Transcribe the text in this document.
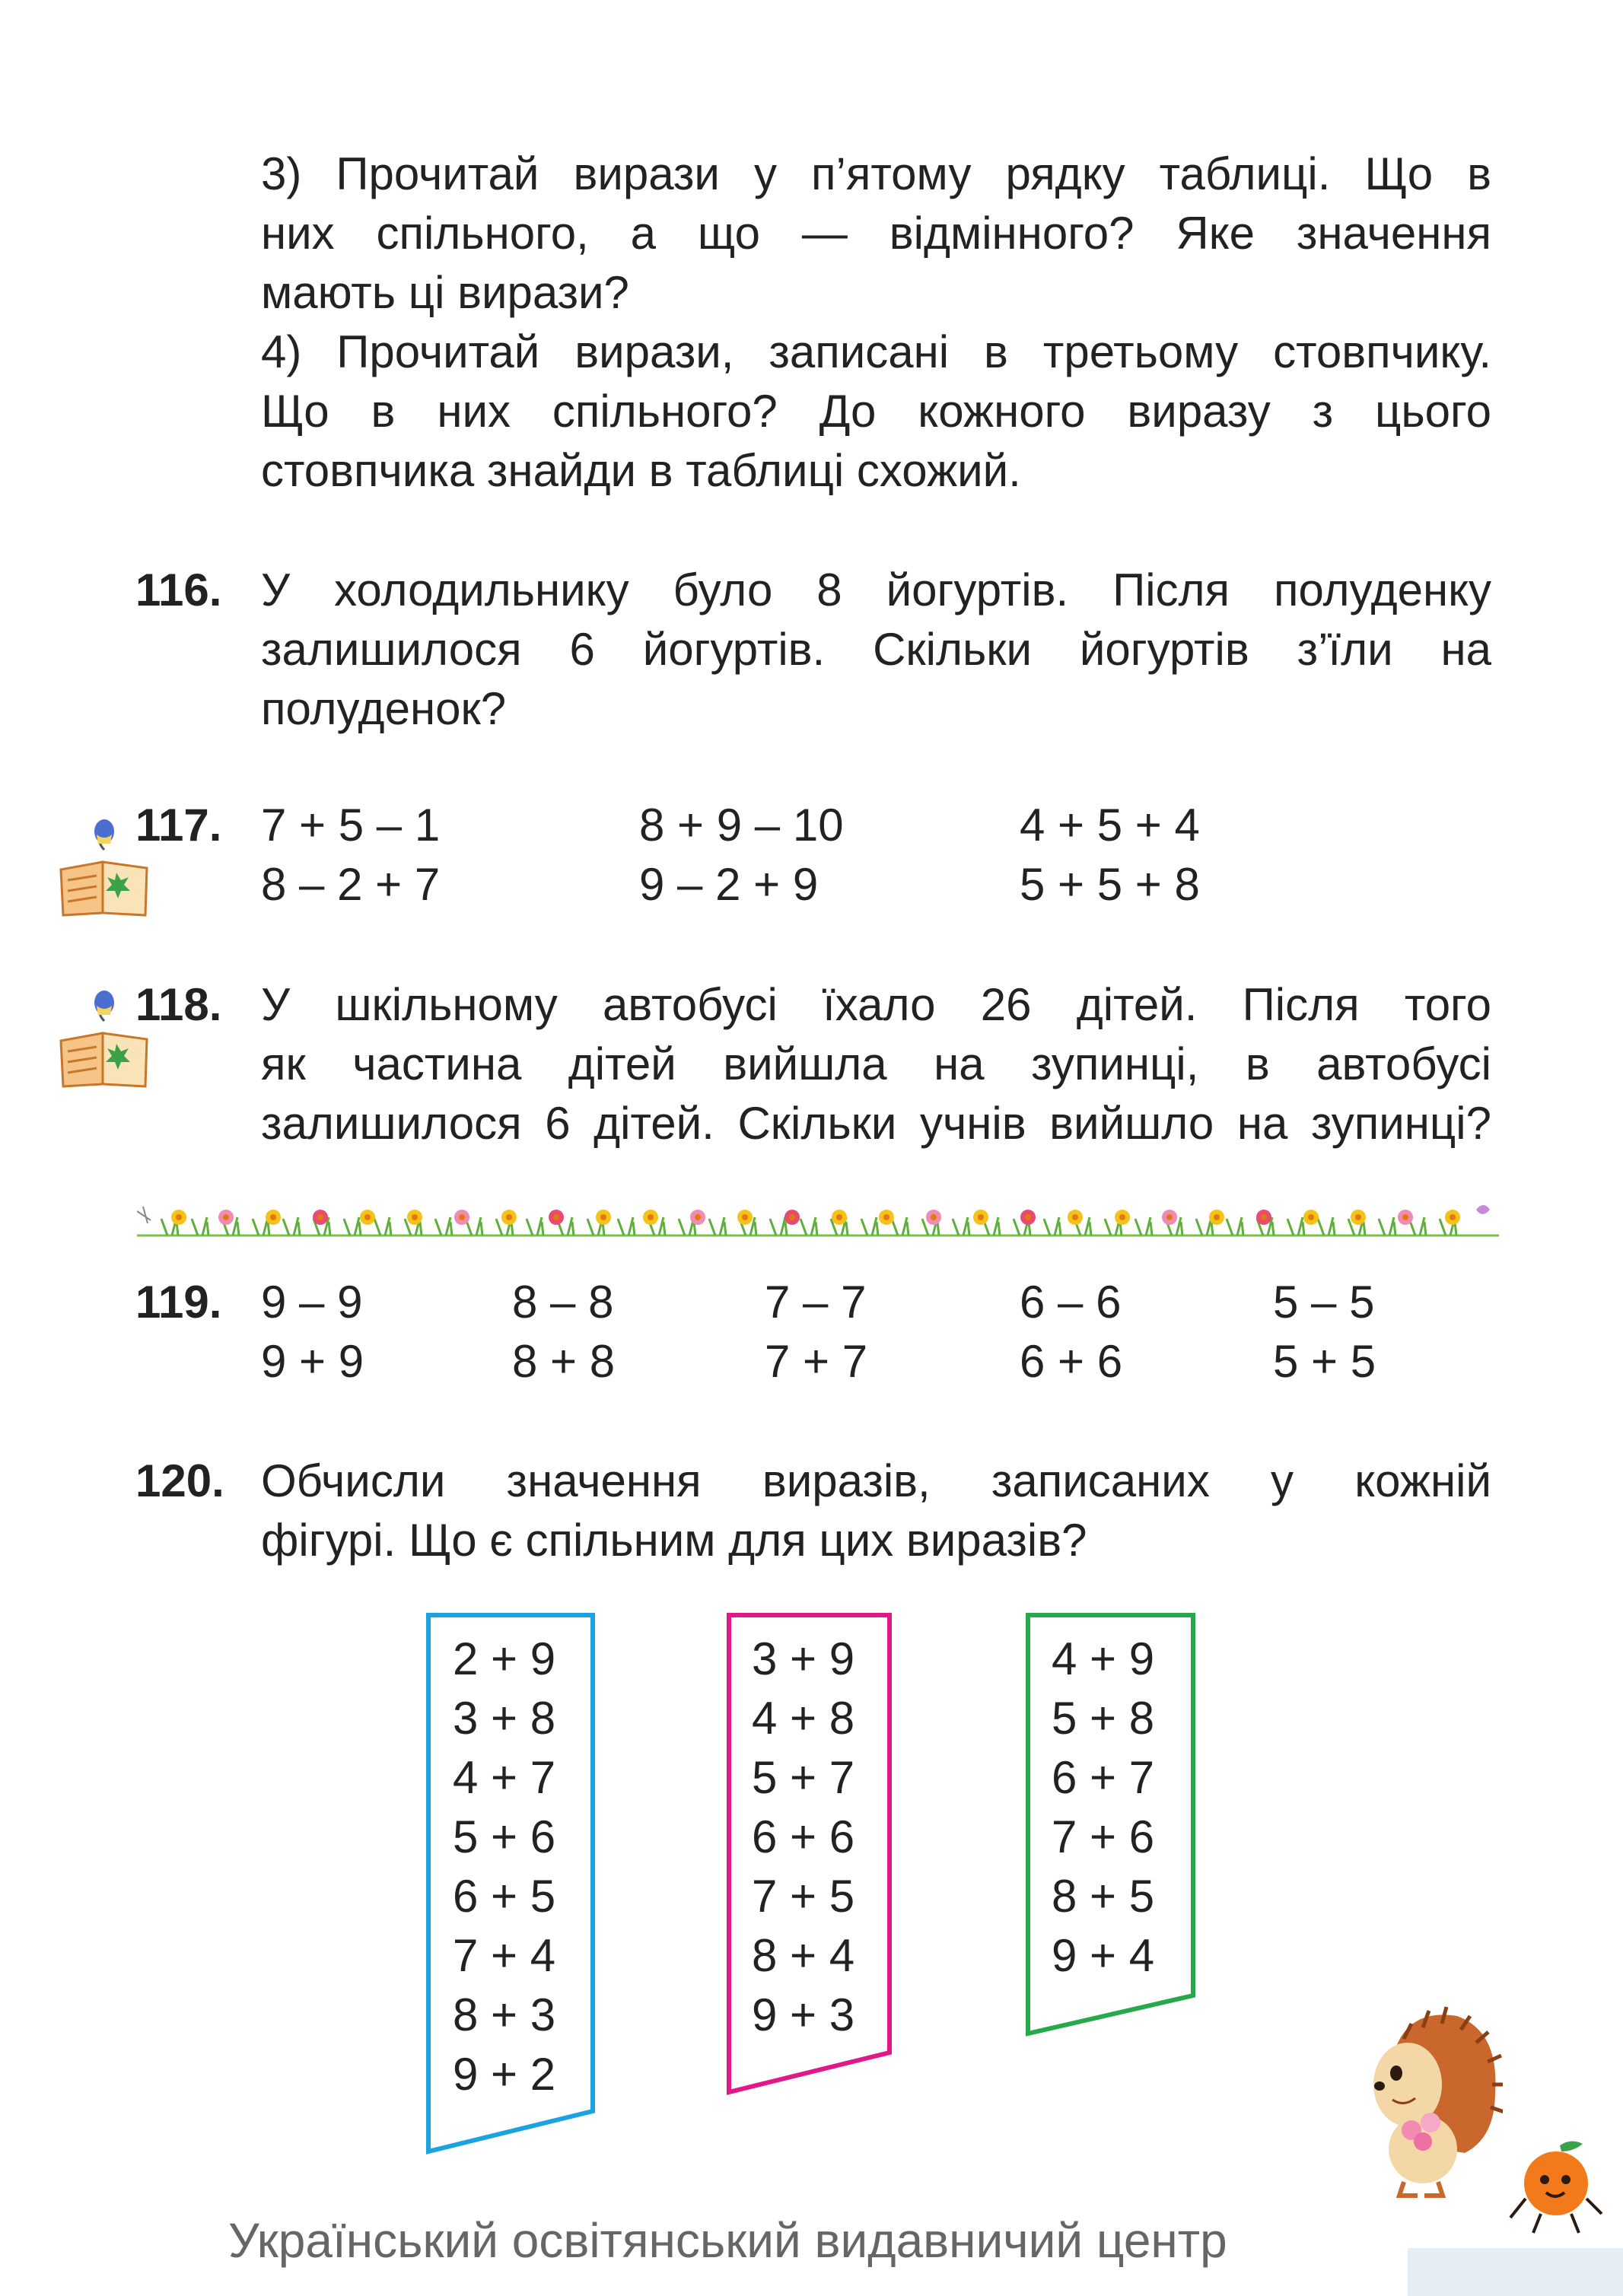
3) Прочитай вирази у п’ятому рядку таблиці. Що в
них спільного, а що — відмінного? Яке значення
мають ці вирази?
4) Прочитай вирази, записані в третьому стовпчику.
Що в них спільного? До кожного виразу з цього
стовпчика знайди в таблиці схожий.
116. У холодильнику було 8 йогуртів. Після полуденку
залишилося 6 йогуртів. Скільки йогуртів з’їли на
полуденок?
117. 7 + 5 – 1	8 + 9 – 10	4 + 5 + 4
8 – 2 + 7	9 – 2 + 9	5 + 5 + 8
118. У шкільному автобусі їхало 26 дітей. Після того
як частина дітей вийшла на зупинці, в автобусі
залишилося 6 дітей. Скільки учнів вийшло на зупинці?
119. 9 – 9	8 – 8	7 – 7	6 – 6	5 – 5
9 + 9	8 + 8	7 + 7	6 + 6	5 + 5
120. Обчисли значення виразів, записаних у кожній
фігурі. Що є спільним для цих виразів?
2 + 9
3 + 8
4 + 7
5 + 6
6 + 5
7 + 4
8 + 3
9 + 2
3 + 9
4 + 8
5 + 7
6 + 6
7 + 5
8 + 4
9 + 3
4 + 9
5 + 8
6 + 7
7 + 6
8 + 5
9 + 4
Український освітянський видавничий центр
